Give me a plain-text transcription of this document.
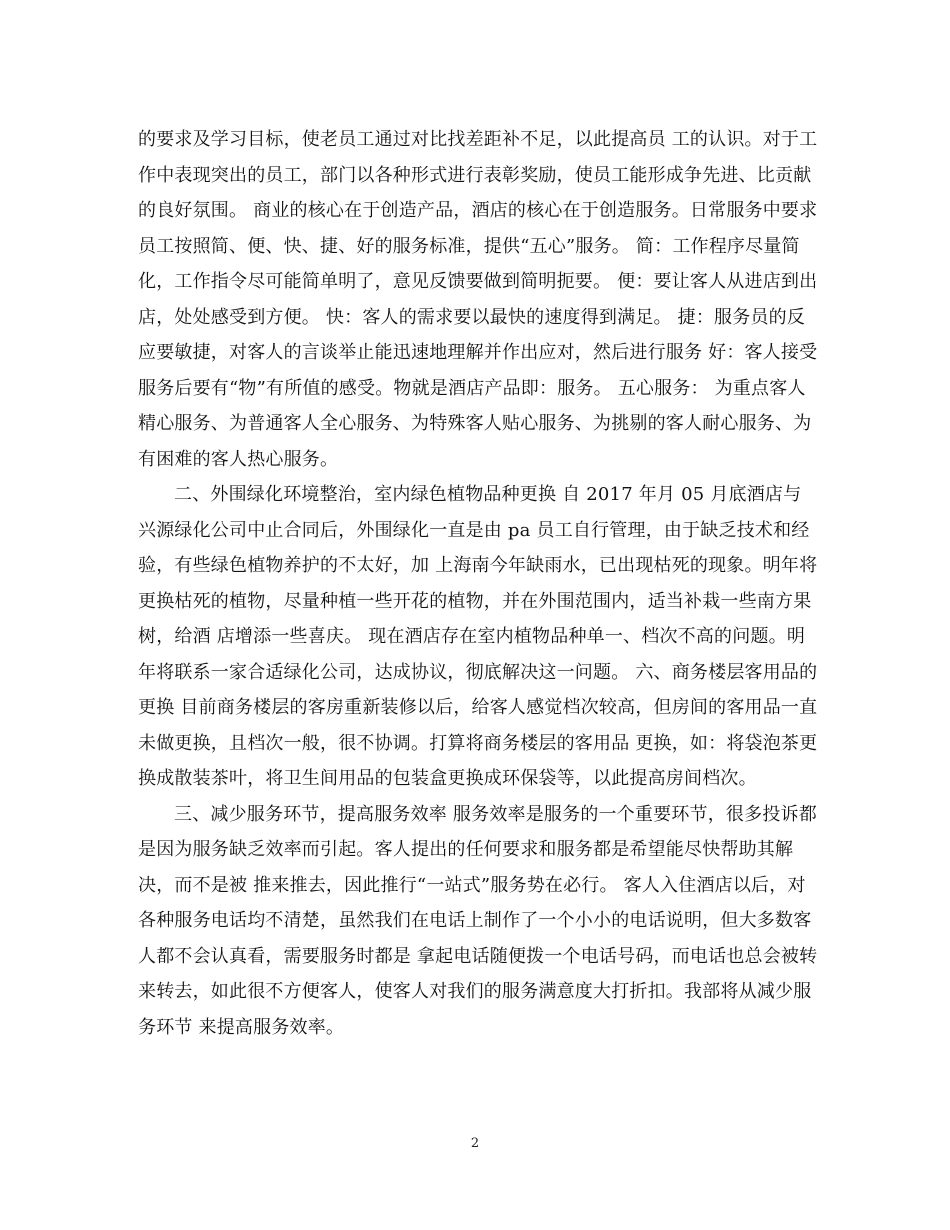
的要求及学习目标，使老员工通过对比找差距补不足，以此提高员 工的认识。对于工作中表现突出的员工，部门以各种形式进行表彰奖励，使员工能形成争先进、比贡献的良好氛围。 商业的核心在于创造产品，酒店的核心在于创造服务。日常服务中要求员工按照简、便、快、捷、好的服务标准，提供“五心”服务。 简：工作程序尽量简化，工作指令尽可能简单明了，意见反馈要做到简明扼要。 便：要让客人从进店到出店，处处感受到方便。 快：客人的需求要以最快的速度得到满足。 捷：服务员的反应要敏捷，对客人的言谈举止能迅速地理解并作出应对，然后进行服务 好：客人接受服务后要有“物”有所值的感受。物就是酒店产品即：服务。 五心服务： 为重点客人精心服务、为普通客人全心服务、为特殊客人贴心服务、为挑剔的客人耐心服务、为有困难的客人热心服务。

二、外围绿化环境整治，室内绿色植物品种更换 自 2017 年月 05 月底酒店与兴源绿化公司中止合同后，外围绿化一直是由 pa 员工自行管理，由于缺乏技术和经验，有些绿色植物养护的不太好，加 上海南今年缺雨水，已出现枯死的现象。明年将更换枯死的植物，尽量种植一些开花的植物，并在外围范围内，适当补栽一些南方果树，给酒 店增添一些喜庆。 现在酒店存在室内植物品种单一、档次不高的问题。明年将联系一家合适绿化公司，达成协议，彻底解决这一问题。 六、商务楼层客用品的更换 目前商务楼层的客房重新装修以后，给客人感觉档次较高，但房间的客用品一直未做更换，且档次一般，很不协调。打算将商务楼层的客用品 更换，如：将袋泡茶更换成散装茶叶，将卫生间用品的包装盒更换成环保袋等，以此提高房间档次。

三、减少服务环节，提高服务效率 服务效率是服务的一个重要环节，很多投诉都是因为服务缺乏效率而引起。客人提出的任何要求和服务都是希望能尽快帮助其解决，而不是被 推来推去，因此推行“一站式”服务势在必行。 客人入住酒店以后，对各种服务电话均不清楚，虽然我们在电话上制作了一个小小的电话说明，但大多数客人都不会认真看，需要服务时都是 拿起电话随便拨一个电话号码，而电话也总会被转来转去，如此很不方便客人，使客人对我们的服务满意度大打折扣。我部将从减少服务环节 来提高服务效率。

2
